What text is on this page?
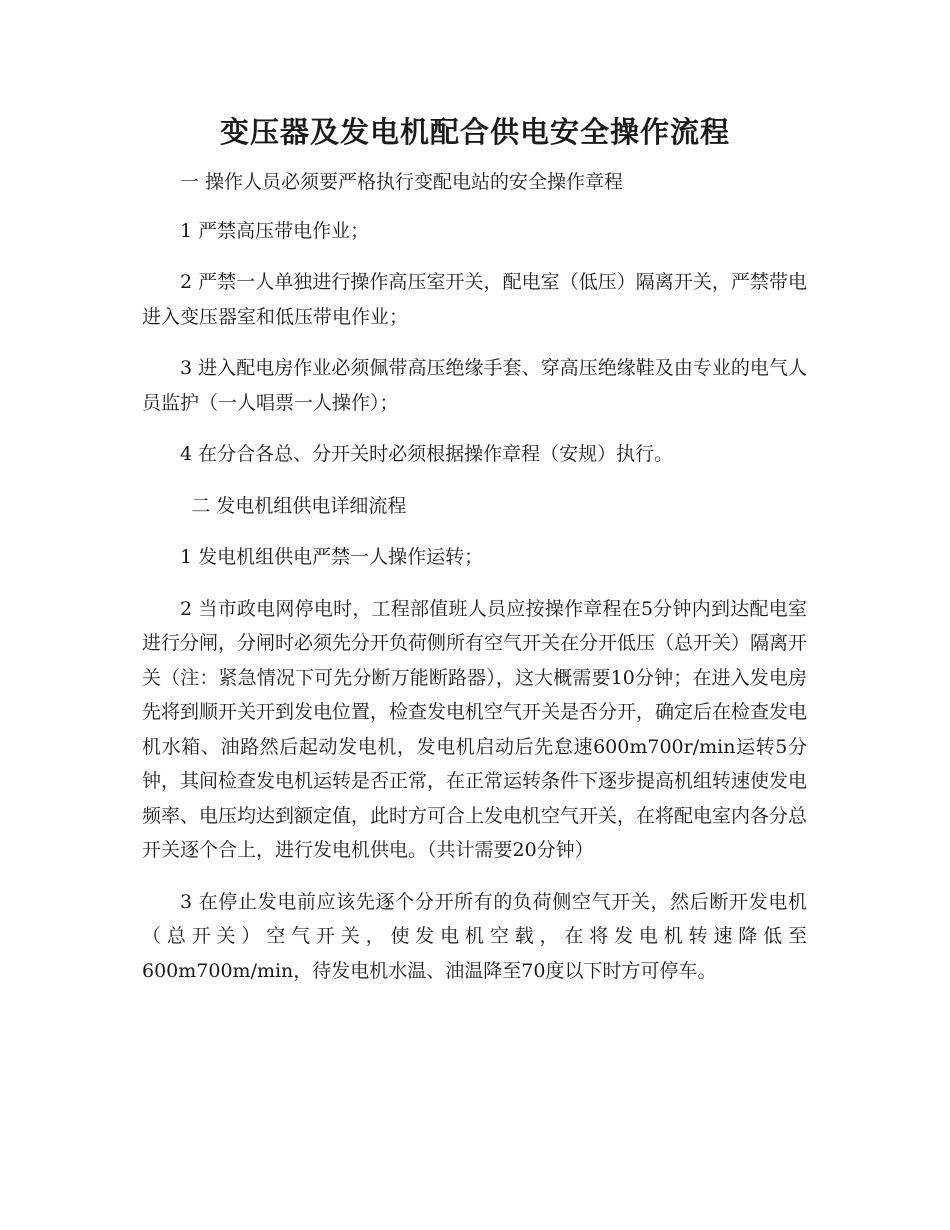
变压器及发电机配合供电安全操作流程

一 操作人员必须要严格执行变配电站的安全操作章程

1 严禁高压带电作业；

2 严禁一人单独进行操作高压室开关，配电室（低压）隔离开关，严禁带电进入变压器室和低压带电作业；

3 进入配电房作业必须佩带高压绝缘手套、穿高压绝缘鞋及由专业的电气人员监护（一人唱票一人操作）；

4 在分合各总、分开关时必须根据操作章程（安规）执行。

二 发电机组供电详细流程

1 发电机组供电严禁一人操作运转；

2 当市政电网停电时，工程部值班人员应按操作章程在5分钟内到达配电室进行分闸，分闸时必须先分开负荷侧所有空气开关在分开低压（总开关）隔离开关（注：紧急情况下可先分断万能断路器），这大概需要10分钟；在进入发电房先将到顺开关开到发电位置，检查发电机空气开关是否分开，确定后在检查发电机水箱、油路然后起动发电机，发电机启动后先怠速600m700r/min运转5分钟，其间检查发电机运转是否正常，在正常运转条件下逐步提高机组转速使发电频率、电压均达到额定值，此时方可合上发电机空气开关，在将配电室内各分总开关逐个合上，进行发电机供电。（共计需要20分钟）

3 在停止发电前应该先逐个分开所有的负荷侧空气开关，然后断开发电机（总开关）空气开关，使发电机空载，在将发电机转速降低至600m700m/min，待发电机水温、油温降至70度以下时方可停车。
